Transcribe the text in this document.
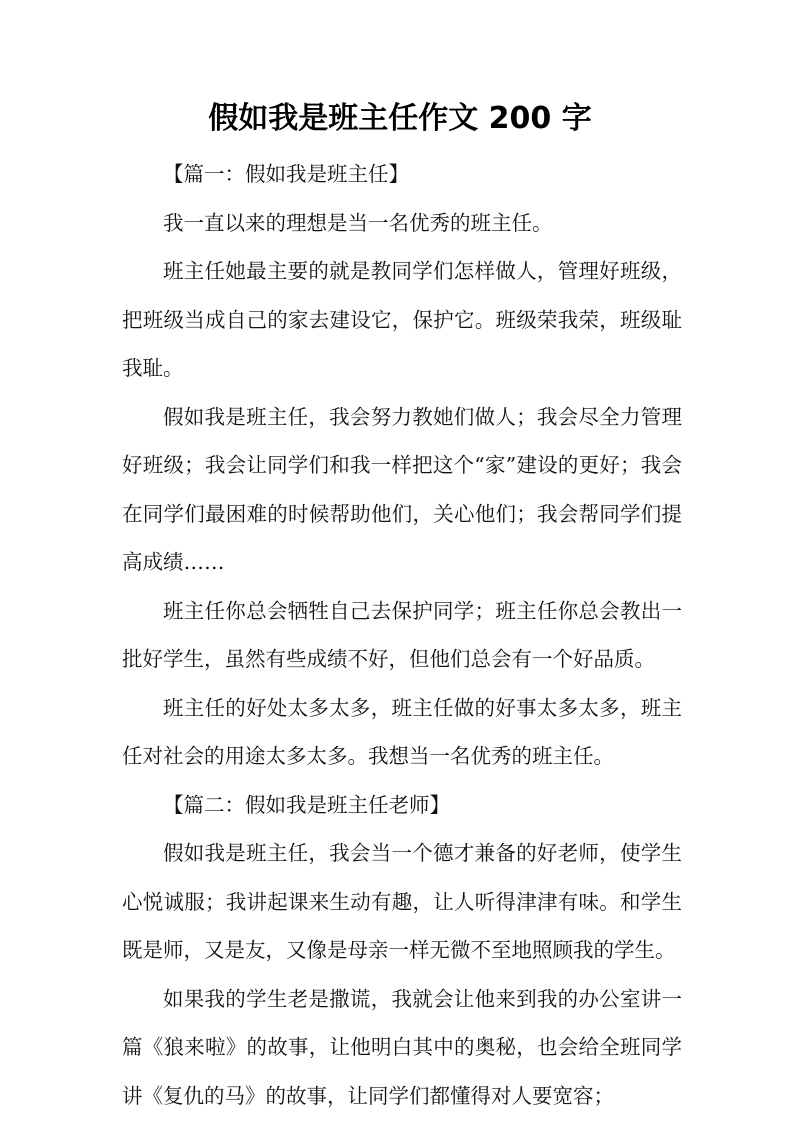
假如我是班主任作文 200 字

【篇一：假如我是班主任】

我一直以来的理想是当一名优秀的班主任。

班主任她最主要的就是教同学们怎样做人，管理好班级，把班级当成自己的家去建设它，保护它。班级荣我荣，班级耻我耻。

假如我是班主任，我会努力教她们做人；我会尽全力管理好班级；我会让同学们和我一样把这个“家”建设的更好；我会在同学们最困难的时候帮助他们，关心他们；我会帮同学们提高成绩……

班主任你总会牺牲自己去保护同学；班主任你总会教出一批好学生，虽然有些成绩不好，但他们总会有一个好品质。

班主任的好处太多太多，班主任做的好事太多太多，班主任对社会的用途太多太多。我想当一名优秀的班主任。

【篇二：假如我是班主任老师】

假如我是班主任，我会当一个德才兼备的好老师，使学生心悦诚服；我讲起课来生动有趣，让人听得津津有味。和学生既是师，又是友，又像是母亲一样无微不至地照顾我的学生。

如果我的学生老是撒谎，我就会让他来到我的办公室讲一篇《狼来啦》的故事，让他明白其中的奥秘，也会给全班同学讲《复仇的马》的故事，让同学们都懂得对人要宽容；
